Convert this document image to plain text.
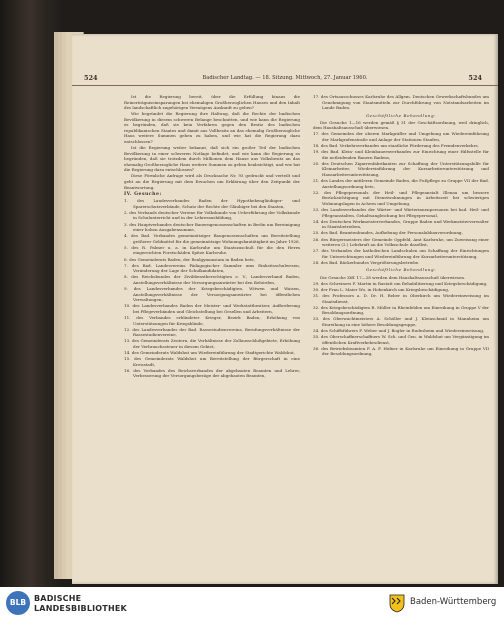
524	Badischer Landtag. — 18. Sitzung. Mittwoch, 27. Januar 1960.	524

Ist die Regierung bereit, über die Erfüllung hinaus die Reinerträgniseinsparungen bei ehemaligen Großherzoglichen Hauses und den Inhalt des landschaftlich zugehörigen Vermögens Auskunft zu geben?

Wie begründet die Regierung ihre Haltung, daß die Rechte der badischen Bevölkerung in diesem schweren Belange beschnitten, und wie kann die Regierung es begründen, daß sie kein Verfahren gegen den Besitz des badischen republikanischen Staates und damit aus Vollbesitz an das ehemalig Großherzogliche Haus weitere Summen geben zu haben, und wie hat die Regierung dazu entschlossen?

Ist die Regierung weiter bekannt, daß sich ein großer Teil der badischen Bevölkerung in einer schweren Notlage befindet, und wie kann die Regierung es begründen, daß sie trotzdem durch Millionen dem Hause aus Volksbesitz an das ehemalig Großherzogliche Haus weitere Summen zu geben beabsichtigt, und wie hat die Regierung dazu entschlossen?

Diese Förmliche Anfrage wird als Drucksache Nr. 93 gedruckt und verteilt und geht an die Regierung mit dem Ersuchen um Erklärung über den Zeitpunkt der Beantwortung.

IV. Gesuche:

1. des Landesverbandes Baden der Hypothekengläubiger- und Sparerschutzverbände, Schutz der Rechte der Gläubiger bei den Staaten,

2. des Verbands deutscher Vereine für Volkskunde von Ueberführung der Volkskunde in Schulunterricht und in der Lehrerausbildung,

3. des Hauptverbandes deutscher Bauerngenossenschaften in Berlin um Bereinigung einer hohen Ausgabensumme,

4. des Bad. Verbandes gemeinnütziger Baugenossenschaften um Bereitstellung größerer Geldmittel für die gemeinnützige Wohnungsbautätigkeit im Jahre 1926,

5. des R. Palmer u. a. in Karlsruhe um Staatszuschuß für die den Herrn eingereichten Forstschäden Spitze Karlsruhe,

6. des Gemeinderats Baden, der Realgymnasium in Baden betr.,

7. des Bad. Landesvereins Pädagogischer Sammler ums Einheitsschulwesen, Veränderung der Lage der Schulkandidaten,

8. des Reichsbundes der Zivildienstberechtigten e. V., Landesverband Baden, Anstellungsverhältnisse der Versorgungsanwärter bei den Behörden,

9. des Landesverbandes der Kriegsbeschädigten, Witwen und Waisen, Anstellungsverhältnisse der Versorgungsanwärter bei öffentlichen Verwaltungen,

10. des Landesverbandes Baden der Meister- und Werkstattbesitzer, Aufforderung bei Pflegeverbänden und Gleichstellung bei Gesellen und Arbeitern,

11. des Verbandes erblindeter Krieger, Bezirk Baden, Erhöhung von Unterstützungen für Kriegsblinde,

12. des Landesverbandes der Bad. Rassestudienvereins, Berufungsverhältnisse der Rassestudienvereine,

13. des Gemeinderats Zeutern, die Verhältnisse der Zollausschlußgebiete, Erhöhung der Verbrauchssteuer in diesem Gebiet,

14. des Gemeinderats Waldshut um Wiedereinführung der Stadtgerichte Waldshut,

15. des Gemeinderats Waldshut um Bereitstellung der Bürgerschaft in eine Kreisstadt,

16. des Verbandes des Reichsverbandes der abgebauten Beamten und Lehrer, Verbesserung der Versorgungsbezüge der abgebauten Beamten,

17. des Ortsausschusses Karlsruhe des Allgem. Deutschen Gewerkschaftsbundes um Genehmigung von Staatsmitteln zur Durchführung von Notstandsarbeiten im Lande Baden.

Geschäftliche Behandlung:

Die Gesuche 1—16 werden gemäß § 31 der Geschäftsordnung, weil dringlich, dem Haushaltsausschuß überwiesen.

17. des Gemeinden der oberen Markgräfler und Umgebung um Wiedereinführung der Markgrafenstraße und Anlage der Stationen Staufen,

18. des Bad. Verkehrsverbandes um staatliche Förderung des Fremdenverkehrs,

19. des Bad. Klein- und Kleinbauernverbandes zur Einrichtung einer Hilfsstelle für die notleidenden Bauern Badens,

20. des Deutschen Zigarrenfabrikanten zur Schaffung der Unterstützungshilfe für Kleinarbeiter, Wiedereinführung der Kurzarbeiterunterstützung und Hausarbeiterunterstützung,

21. des Landes der mittleren Gemeinde Baden, die Fußpflege zu Gruppe VII der Bad. Anstellungsordnung betr.,

22. des Pflegepersonals der Heil- und Pflegeanstalt Illenau um bessere Berücksichtigung mit Dienstwohnungen in Arbeitszeit bei schwierigen Wohnungslagen in Achern und Umgebung,

23. des Landesverbandes der Wärter- und Wärterinnenpersonen bei bad. Heil- und Pflegeanstalten, Gehaltsangleichung bei Pflegepersonal,

24. des Deutschen Werkmeisterverbandes, Gruppe Baden und Werkmeisterverwalter in Staatsbetrieben,

25. des Bad. Beamtenbundes, Aufhebung der Personalabbauverordnung,

26. des Bürgermeisters der Gemeinde Oppfeld, Amt Karlsruhe, um Zuweisung einer weiteren (2.) Lehrkraft an die Volksschule daselbst,

27. des Verbandes der katholischen Landschulen um Schaffung der Einrichtungen für Unterrichtungen und Wiedereinführung der Kurzarbeiterunterstützung,

28. des Bad. Bäckerbundes Vergrößerungsbetriebe.

Geschäftliche Behandlung:

Die Gesuche Ziff. 17—28 werden dem Haushaltsausschuß überwiesen.

29. des Schreiners F. Martin in Rastatt um Rehabilitierung und Kriegsbeschädigung,

30. der Frau L. Maier Wo. in Hohenkirch um Kriegsbeschädigung,

31. des Professors a. D. Dr. H. Reber in Oberkirch um Wiedereinweisung im Staatsdienst,

32. des Kriegsbeschädigten R. Müller in Rheinfelden um Einreihung in Gruppe V der Besoldungsordnung,

33. des Oberwachtmeisters A. Schöller und J. Kleinschmid in Mannheim um Einreihung in eine höhere Besoldungsgruppe,

34. des Schiffsführers F. Weber und J. Bogler in Rudesheim und Wiedereinweisung,

35. des Oberschaffnerschaffners W. Sch. und Gen. in Waldshut um Vergünstigung im öffentlichen Kraftverkehrsdienst,

36. des Betriebsbeamten F. A. F. Höfner in Karlsruhe um Einreihung in Gruppe VII der Besoldungsordnung,

BLB BADISCHE
LANDESBIBLIOTHEK
Baden-Württemberg
